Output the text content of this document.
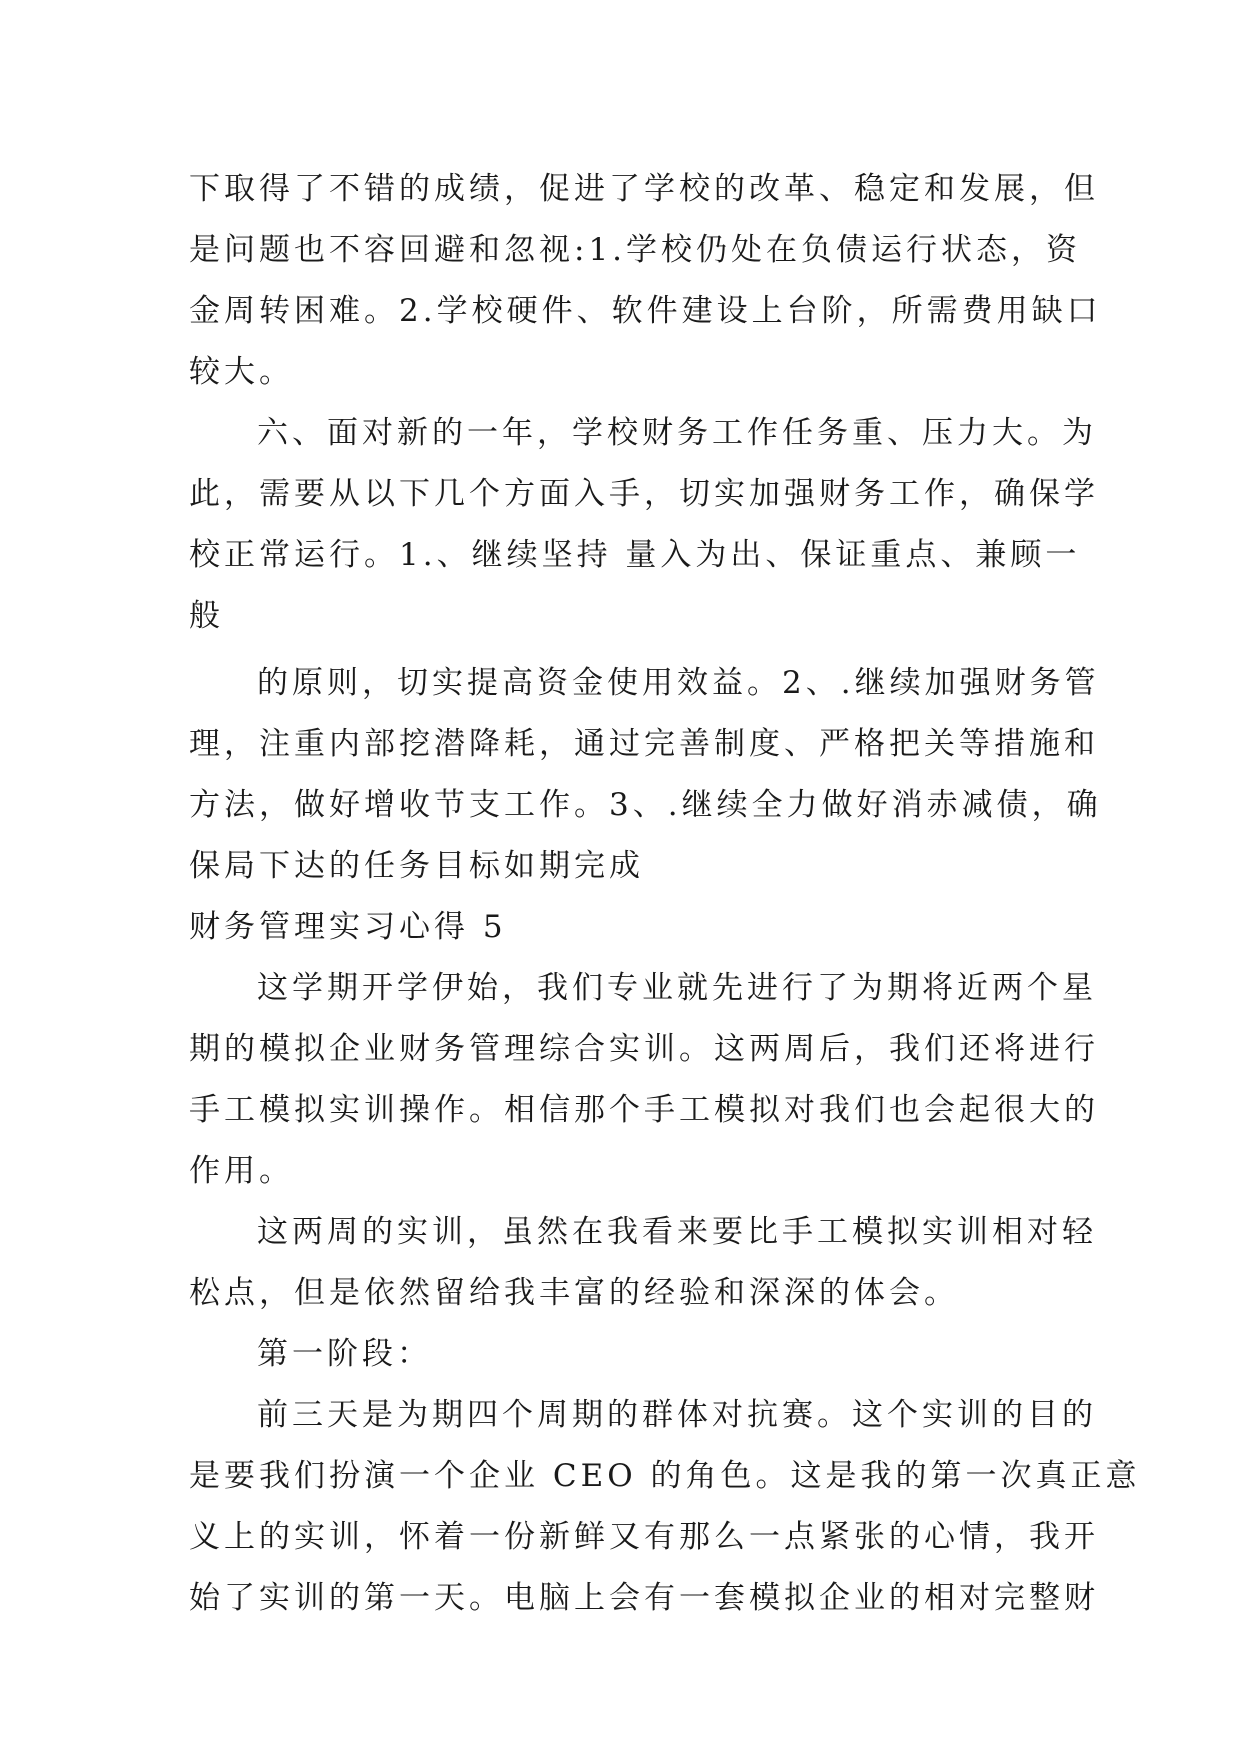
下取得了不错的成绩，促进了学校的改革、稳定和发展，但
是问题也不容回避和忽视:1.学校仍处在负债运行状态，资
金周转困难。2.学校硬件、软件建设上台阶，所需费用缺口
较大。
六、面对新的一年，学校财务工作任务重、压力大。为
此，需要从以下几个方面入手，切实加强财务工作，确保学
校正常运行。1.、继续坚持 量入为出、保证重点、兼顾一
般
的原则，切实提高资金使用效益。2、.继续加强财务管
理，注重内部挖潜降耗，通过完善制度、严格把关等措施和
方法，做好增收节支工作。3、.继续全力做好消赤减债，确
保局下达的任务目标如期完成
财务管理实习心得 5
这学期开学伊始，我们专业就先进行了为期将近两个星
期的模拟企业财务管理综合实训。这两周后，我们还将进行
手工模拟实训操作。相信那个手工模拟对我们也会起很大的
作用。
这两周的实训，虽然在我看来要比手工模拟实训相对轻
松点，但是依然留给我丰富的经验和深深的体会。
第一阶段：
前三天是为期四个周期的群体对抗赛。这个实训的目的
是要我们扮演一个企业 CEO 的角色。这是我的第一次真正意
义上的实训，怀着一份新鲜又有那么一点紧张的心情，我开
始了实训的第一天。电脑上会有一套模拟企业的相对完整财
